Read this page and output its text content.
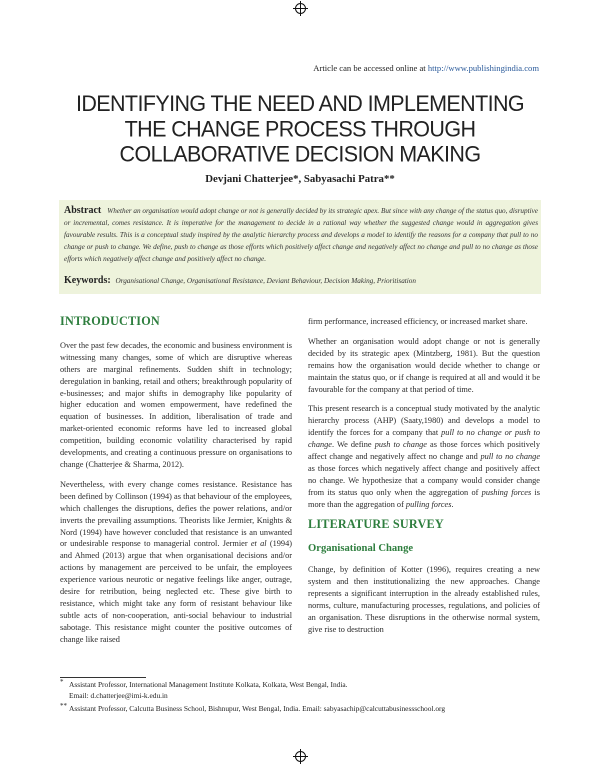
Article can be accessed online at http://www.publishingindia.com
IDENTIFYING THE NEED AND IMPLEMENTING THE CHANGE PROCESS THROUGH COLLABORATIVE DECISION MAKING
Devjani Chatterjee*, Sabyasachi Patra**
Abstract Whether an organisation would adopt change or not is generally decided by its strategic apex. But since with any change of the status quo, disruptive or incremental, comes resistance. It is imperative for the management to decide in a rational way whether the suggested change would in aggregation gives favourable results. This is a conceptual study inspired by the analytic hierarchy process and develops a model to identify the reasons for a company that pull to no change or push to change. We define, push to change as those efforts which positively affect change and negatively affect no change and pull to no change as those efforts which negatively affect change and positively affect no change.
Keywords: Organisational Change, Organisational Resistance, Deviant Behaviour, Decision Making, Prioritisation
INTRODUCTION

Over the past few decades, the economic and business environment is witnessing many changes, some of which are disruptive whereas others are marginal refinements. Sudden shift in technology; deregulation in banking, retail and others; breakthrough popularity of e-businesses; and major shifts in demography like popularity of higher education and women empowerment, have redefined the equation of businesses. In addition, liberalisation of trade and market-oriented economic reforms have led to increased global competition, building economic volatility characterised by rapid developments, and creating a continuous pressure on organisations to change (Chatterjee & Sharma, 2012).

Nevertheless, with every change comes resistance. Resistance has been defined by Collinson (1994) as that behaviour of the employees, which challenges the disruptions, defies the power relations, and/or inverts the prevailing assumptions. Theorists like Jermier, Knights & Nord (1994) have however concluded that resistance is an unwanted or undesirable response to managerial control. Jermier et al (1994) and Ahmed (2013) argue that when organisational decisions and/or actions by management are perceived to be unfair, the employees experience various neurotic or negative feelings like anger, outrage, desire for retribution, being neglected etc. These give birth to resistance, which might take any form of resistant behaviour like subtle acts of non-cooperation, anti-social behaviour to industrial sabotage. This resistance might counter the positive outcomes of change like raised

firm performance, increased efficiency, or increased market share.

Whether an organisation would adopt change or not is generally decided by its strategic apex (Mintzberg, 1981). But the question remains how the organisation would decide whether to change or maintain the status quo, or if change is required at all and would it be favourable for the company at that period of time.

This present research is a conceptual study motivated by the analytic hierarchy process (AHP) (Saaty,1980) and develops a model to identify the forces for a company that pull to no change or push to change. We define push to change as those forces which positively affect change and negatively affect no change and pull to no change as those forces which negatively affect change and positively affect no change. We hypothesize that a company would consider change from its status quo only when the aggregation of pushing forces is more than the aggregation of pulling forces.

LITERATURE SURVEY
Organisational Change

Change, by definition of Kotter (1996), requires creating a new system and then institutionalizing the new approaches. Change represents a significant interruption in the already established rules, norms, culture, manufacturing processes, regulations, and policies of an organisation. These disruptions in the otherwise normal system, give rise to destruction

* Assistant Professor, International Management Institute Kolkata, Kolkata, West Bengal, India.
Email: d.chatterjee@imi-k.edu.in
** Assistant Professor, Calcutta Business School, Bishnupur, West Bengal, India. Email: sabyasachip@calcuttabusinessschool.org
